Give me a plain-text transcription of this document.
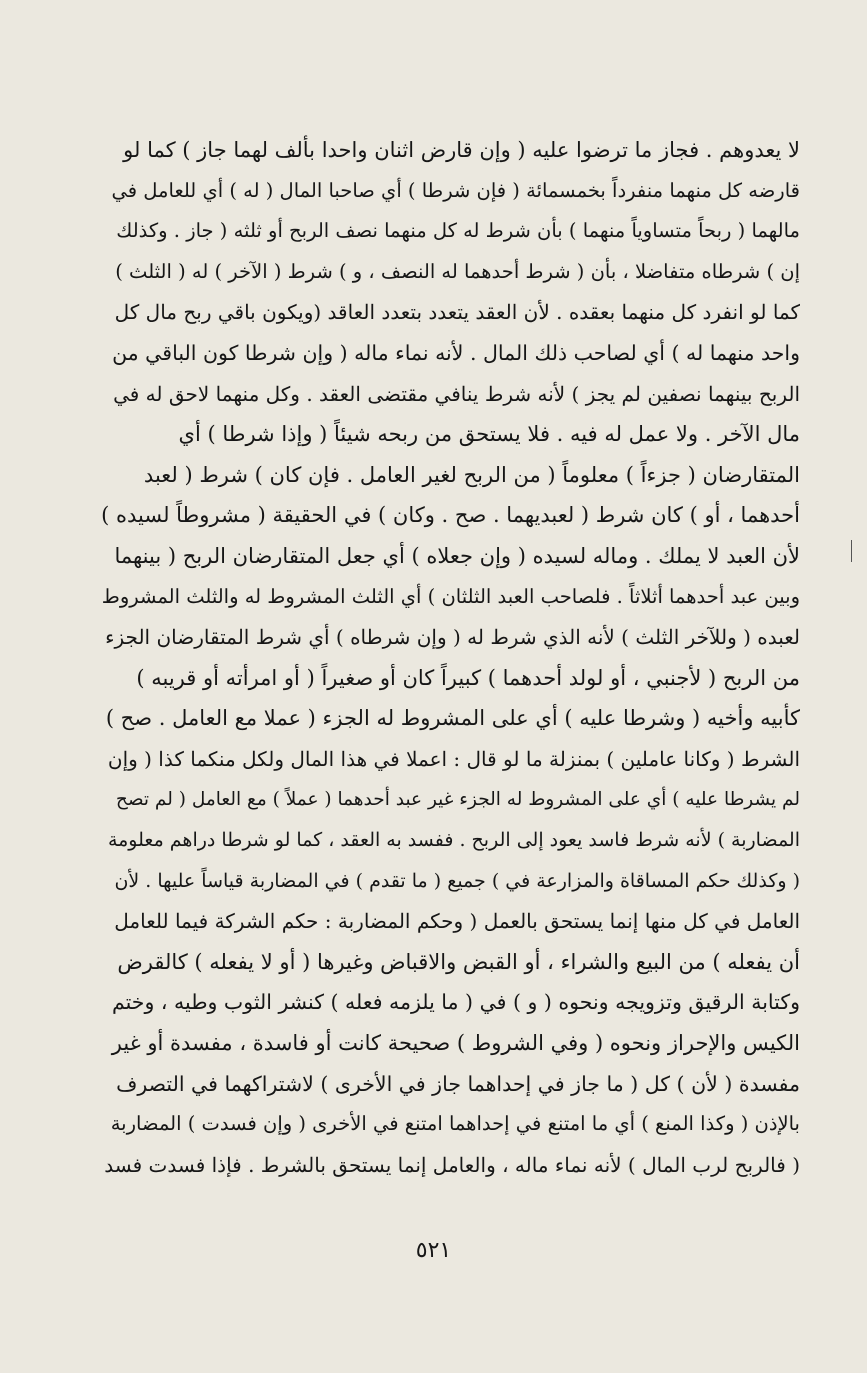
لا يعدوهم . فجاز ما ترضوا عليه ( وإن قارض اثنان واحدا بألف لهما جاز ) كما لو
قارضه كل منهما منفرداً بخمسمائة ( فإن شرطا ) أي صاحبا المال ( له ) أي للعامل في
مالهما ( ربحاً متساوياً منهما ) بأن شرط له كل منهما نصف الربح أو ثلثه ( جاز . وكذلك
إن ) شرطاه متفاضلا ، بأن ( شرط أحدهما له النصف ، و ) شرط ( الآخر ) له ( الثلث )
كما لو انفرد كل منهما بعقده . لأن العقد يتعدد بتعدد العاقد (ويكون باقي ربح مال كل
واحد منهما له ) أي لصاحب ذلك المال . لأنه نماء ماله ( وإن شرطا كون الباقي من
الربح بينهما نصفين لم يجز ) لأنه شرط ينافي مقتضى العقد . وكل منهما لاحق له في
مال الآخر . ولا عمل له فيه . فلا يستحق من ربحه شيئاً ( وإذا شرطا ) أي
المتقارضان ( جزءاً ) معلوماً ( من الربح لغير العامل . فإن كان ) شرط ( لعبد
أحدهما ، أو ) كان شرط ( لعبديهما . صح . وكان ) في الحقيقة ( مشروطاً لسيده )
لأن العبد لا يملك . وماله لسيده ( وإن جعلاه ) أي جعل المتقارضان الربح ( بينهما
وبين عبد أحدهما أثلاثاً . فلصاحب العبد الثلثان ) أي الثلث المشروط له والثلث المشروط
لعبده ( وللآخر الثلث ) لأنه الذي شرط له ( وإن شرطاه ) أي شرط المتقارضان الجزء
من الربح ( لأجنبي ، أو لولد أحدهما ) كبيراً كان أو صغيراً ( أو امرأته أو قريبه )
كأبيه وأخيه ( وشرطا عليه ) أي على المشروط له الجزء ( عملا مع العامل . صح )
الشرط ( وكانا عاملين ) بمنزلة ما لو قال : اعملا في هذا المال ولكل منكما كذا ( وإن
لم يشرطا عليه ) أي على المشروط له الجزء غير عبد أحدهما ( عملاً ) مع العامل ( لم تصح
المضاربة ) لأنه شرط فاسد يعود إلى الربح . ففسد به العقد ، كما لو شرطا دراهم معلومة
( وكذلك حكم المساقاة والمزارعة في ) جميع ( ما تقدم ) في المضاربة قياساً عليها . لأن
العامل في كل منها إنما يستحق بالعمل ( وحكم المضاربة : حكم الشركة فيما للعامل
أن يفعله ) من البيع والشراء ، أو القبض والاقباض وغيرها ( أو لا يفعله ) كالقرض
وكتابة الرقيق وتزويجه ونحوه ( و ) في ( ما يلزمه فعله ) كنشر الثوب وطيه ، وختم
الكيس والإحراز ونحوه ( وفي الشروط ) صحيحة كانت أو فاسدة ، مفسدة أو غير
مفسدة ( لأن ) كل ( ما جاز في إحداهما جاز في الأخرى ) لاشتراكهما في التصرف
بالإذن ( وكذا المنع ) أي ما امتنع في إحداهما امتنع في الأخرى ( وإن فسدت ) المضاربة
( فالربح لرب المال ) لأنه نماء ماله ، والعامل إنما يستحق بالشرط . فإذا فسدت فسد
٥٢١
